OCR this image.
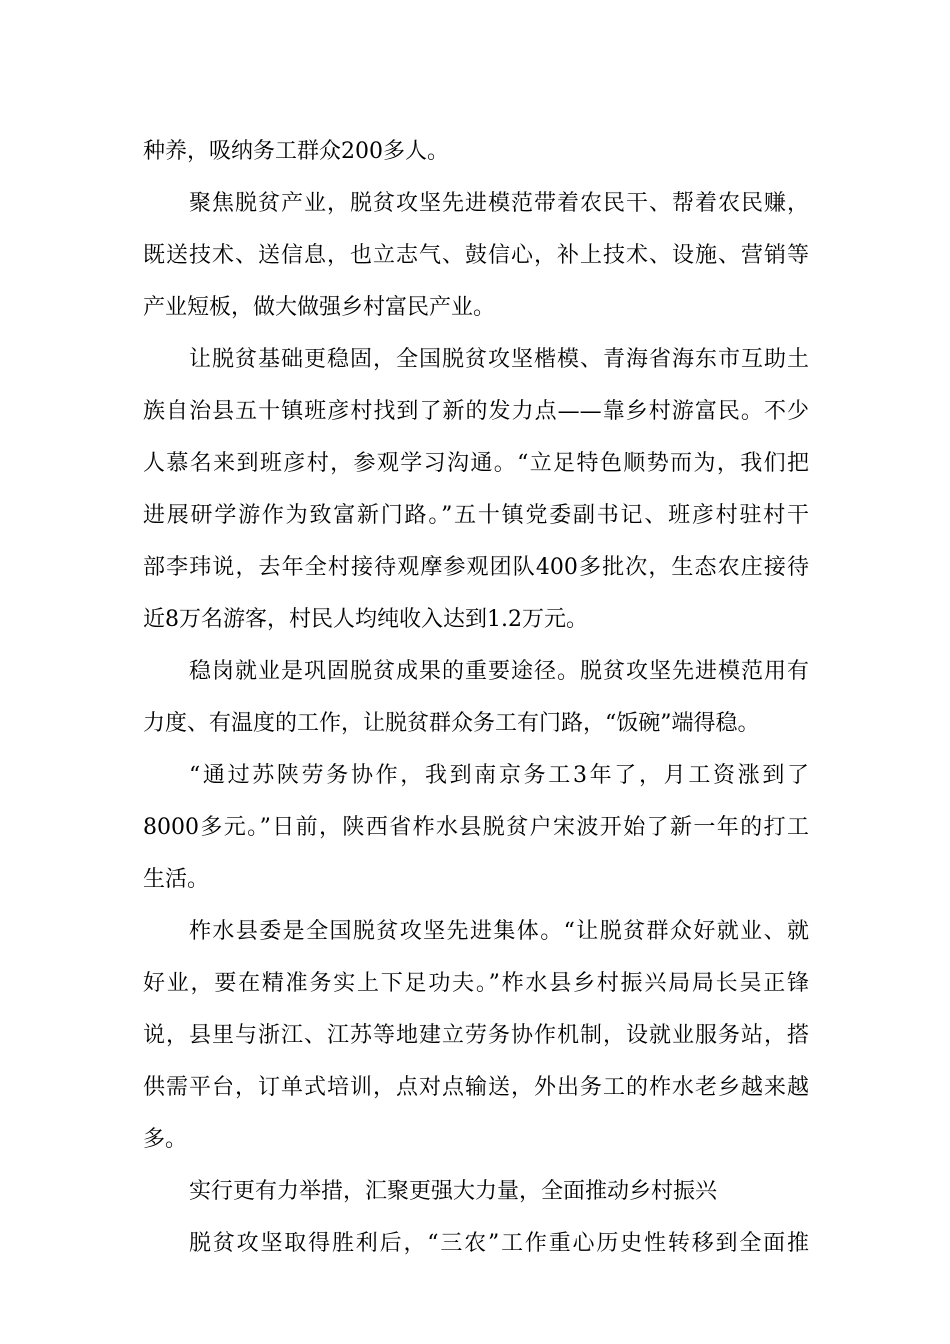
种养，吸纳务工群众200多人。
聚焦脱贫产业，脱贫攻坚先进模范带着农民干、帮着农民赚，
既送技术、送信息，也立志气、鼓信心，补上技术、设施、营销等
产业短板，做大做强乡村富民产业。
让脱贫基础更稳固，全国脱贫攻坚楷模、青海省海东市互助土
族自治县五十镇班彦村找到了新的发力点——靠乡村游富民。不少
人慕名来到班彦村，参观学习沟通。“立足特色顺势而为，我们把
进展研学游作为致富新门路。”五十镇党委副书记、班彦村驻村干
部李玮说，去年全村接待观摩参观团队400多批次，生态农庄接待
近8万名游客，村民人均纯收入达到1.2万元。
稳岗就业是巩固脱贫成果的重要途径。脱贫攻坚先进模范用有
力度、有温度的工作，让脱贫群众务工有门路，“饭碗”端得稳。
“通过苏陕劳务协作，我到南京务工3年了，月工资涨到了
8000多元。”日前，陕西省柞水县脱贫户宋波开始了新一年的打工
生活。
柞水县委是全国脱贫攻坚先进集体。“让脱贫群众好就业、就
好业，要在精准务实上下足功夫。”柞水县乡村振兴局局长吴正锋
说，县里与浙江、江苏等地建立劳务协作机制，设就业服务站，搭
供需平台，订单式培训，点对点输送，外出务工的柞水老乡越来越
多。
实行更有力举措，汇聚更强大力量，全面推动乡村振兴
脱贫攻坚取得胜利后，“三农”工作重心历史性转移到全面推
